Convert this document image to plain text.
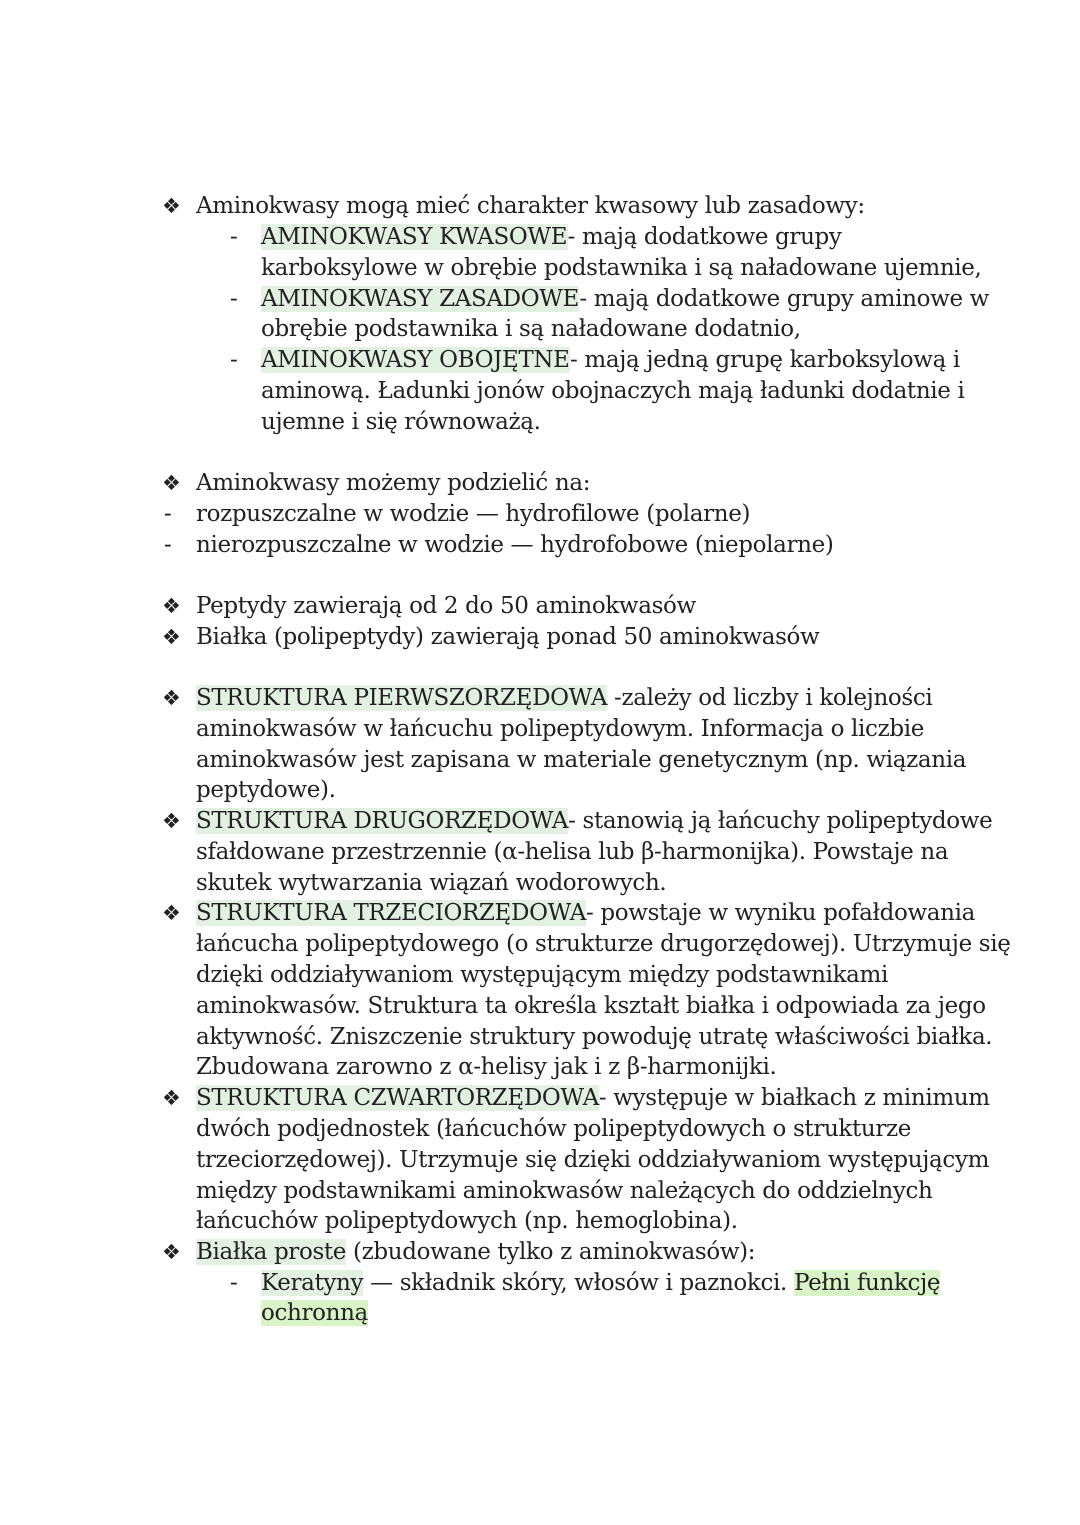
❖ Aminokwasy mogą mieć charakter kwasowy lub zasadowy:
- AMINOKWASY KWASOWE- mają dodatkowe grupy
karboksylowe w obrębie podstawnika i są naładowane ujemnie,
- AMINOKWASY ZASADOWE- mają dodatkowe grupy aminowe w
obrębie podstawnika i są naładowane dodatnio,
- AMINOKWASY OBOJĘTNE- mają jedną grupę karboksylową i
aminową. Ładunki jonów obojnaczych mają ładunki dodatnie i
ujemne i się równoważą.
❖ Aminokwasy możemy podzielić na:
- rozpuszczalne w wodzie — hydrofilowe (polarne)
- nierozpuszczalne w wodzie — hydrofobowe (niepolarne)
❖ Peptydy zawierają od 2 do 50 aminokwasów
❖ Białka (polipeptydy) zawierają ponad 50 aminokwasów
❖ STRUKTURA PIERWSZORZĘDOWA -zależy od liczby i kolejności
aminokwasów w łańcuchu polipeptydowym. Informacja o liczbie
aminokwasów jest zapisana w materiale genetycznym (np. wiązania
peptydowe).
❖ STRUKTURA DRUGORZĘDOWA- stanowią ją łańcuchy polipeptydowe
sfałdowane przestrzennie (α-helisa lub β-harmonijka). Powstaje na
skutek wytwarzania wiązań wodorowych.
❖ STRUKTURA TRZECIORZĘDOWA- powstaje w wyniku pofałdowania
łańcucha polipeptydowego (o strukturze drugorzędowej). Utrzymuje się
dzięki oddziaływaniom występującym między podstawnikami
aminokwasów. Struktura ta określa kształt białka i odpowiada za jego
aktywność. Zniszczenie struktury powoduję utratę właściwości białka.
Zbudowana zarowno z α-helisy jak i z β-harmonijki.
❖ STRUKTURA CZWARTORZĘDOWA- występuje w białkach z minimum
dwóch podjednostek (łańcuchów polipeptydowych o strukturze
trzeciorzędowej). Utrzymuje się dzięki oddziaływaniom występującym
między podstawnikami aminokwasów należących do oddzielnych
łańcuchów polipeptydowych (np. hemoglobina).
❖ Białka proste (zbudowane tylko z aminokwasów):
- Keratyny — składnik skóry, włosów i paznokci. Pełni funkcję
ochronną
